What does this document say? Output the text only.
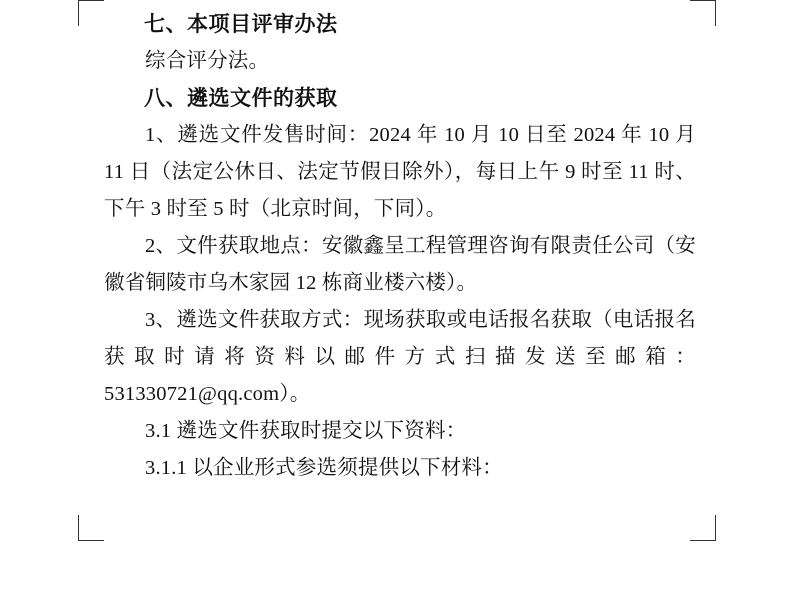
七、本项目评审办法

综合评分法。

八、遴选文件的获取

1、遴选文件发售时间：2024 年 10 月 10 日至 2024 年 10 月 11 日（法定公休日、法定节假日除外），每日上午 9 时至 11 时、下午 3 时至 5 时（北京时间，下同）。

2、文件获取地点：安徽鑫呈工程管理咨询有限责任公司（安徽省铜陵市乌木家园 12 栋商业楼六楼）。

3、遴选文件获取方式：现场获取或电话报名获取（电话报名获取时请将资料以邮件方式扫描发送至邮箱：531330721@qq.com）。

3.1 遴选文件获取时提交以下资料：

3.1.1 以企业形式参选须提供以下材料：
